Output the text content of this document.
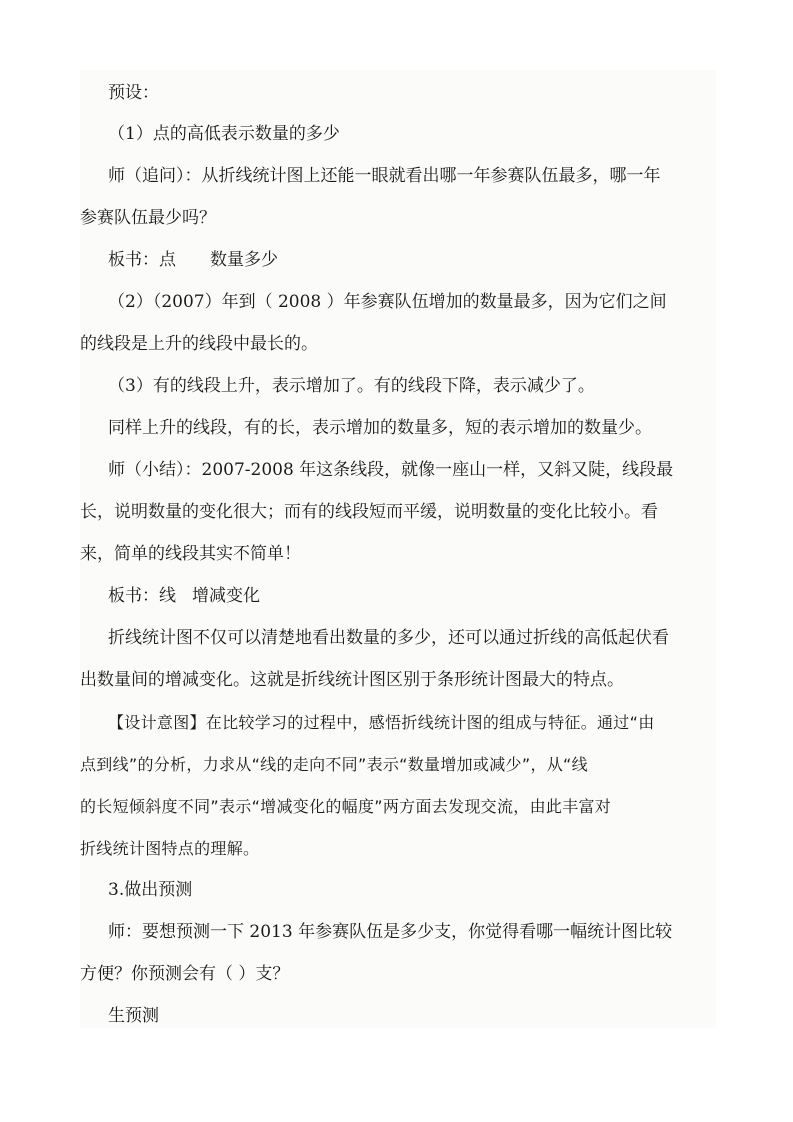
预设：
（1）点的高低表示数量的多少
师（追问）：从折线统计图上还能一眼就看出哪一年参赛队伍最多，哪一年
参赛队伍最少吗？
板书：点 数量多少
（2）（2007）年到（ 2008 ）年参赛队伍增加的数量最多，因为它们之间
的线段是上升的线段中最长的。
（3）有的线段上升，表示增加了。有的线段下降，表示减少了。
同样上升的线段，有的长，表示增加的数量多，短的表示增加的数量少。
师（小结）：2007-2008 年这条线段，就像一座山一样，又斜又陡，线段最
长，说明数量的变化很大；而有的线段短而平缓，说明数量的变化比较小。看
来，简单的线段其实不简单！
板书：线 增减变化
折线统计图不仅可以清楚地看出数量的多少，还可以通过折线的高低起伏看
出数量间的增减变化。这就是折线统计图区别于条形统计图最大的特点。
【设计意图】在比较学习的过程中，感悟折线统计图的组成与特征。通过“由
点到线”的分析，力求从“线的走向不同”表示“数量增加或减少”，从“线
的长短倾斜度不同”表示“增减变化的幅度”两方面去发现交流，由此丰富对
折线统计图特点的理解。
3.做出预测
师：要想预测一下 2013 年参赛队伍是多少支，你觉得看哪一幅统计图比较
方便？你预测会有（ ）支？
生预测
